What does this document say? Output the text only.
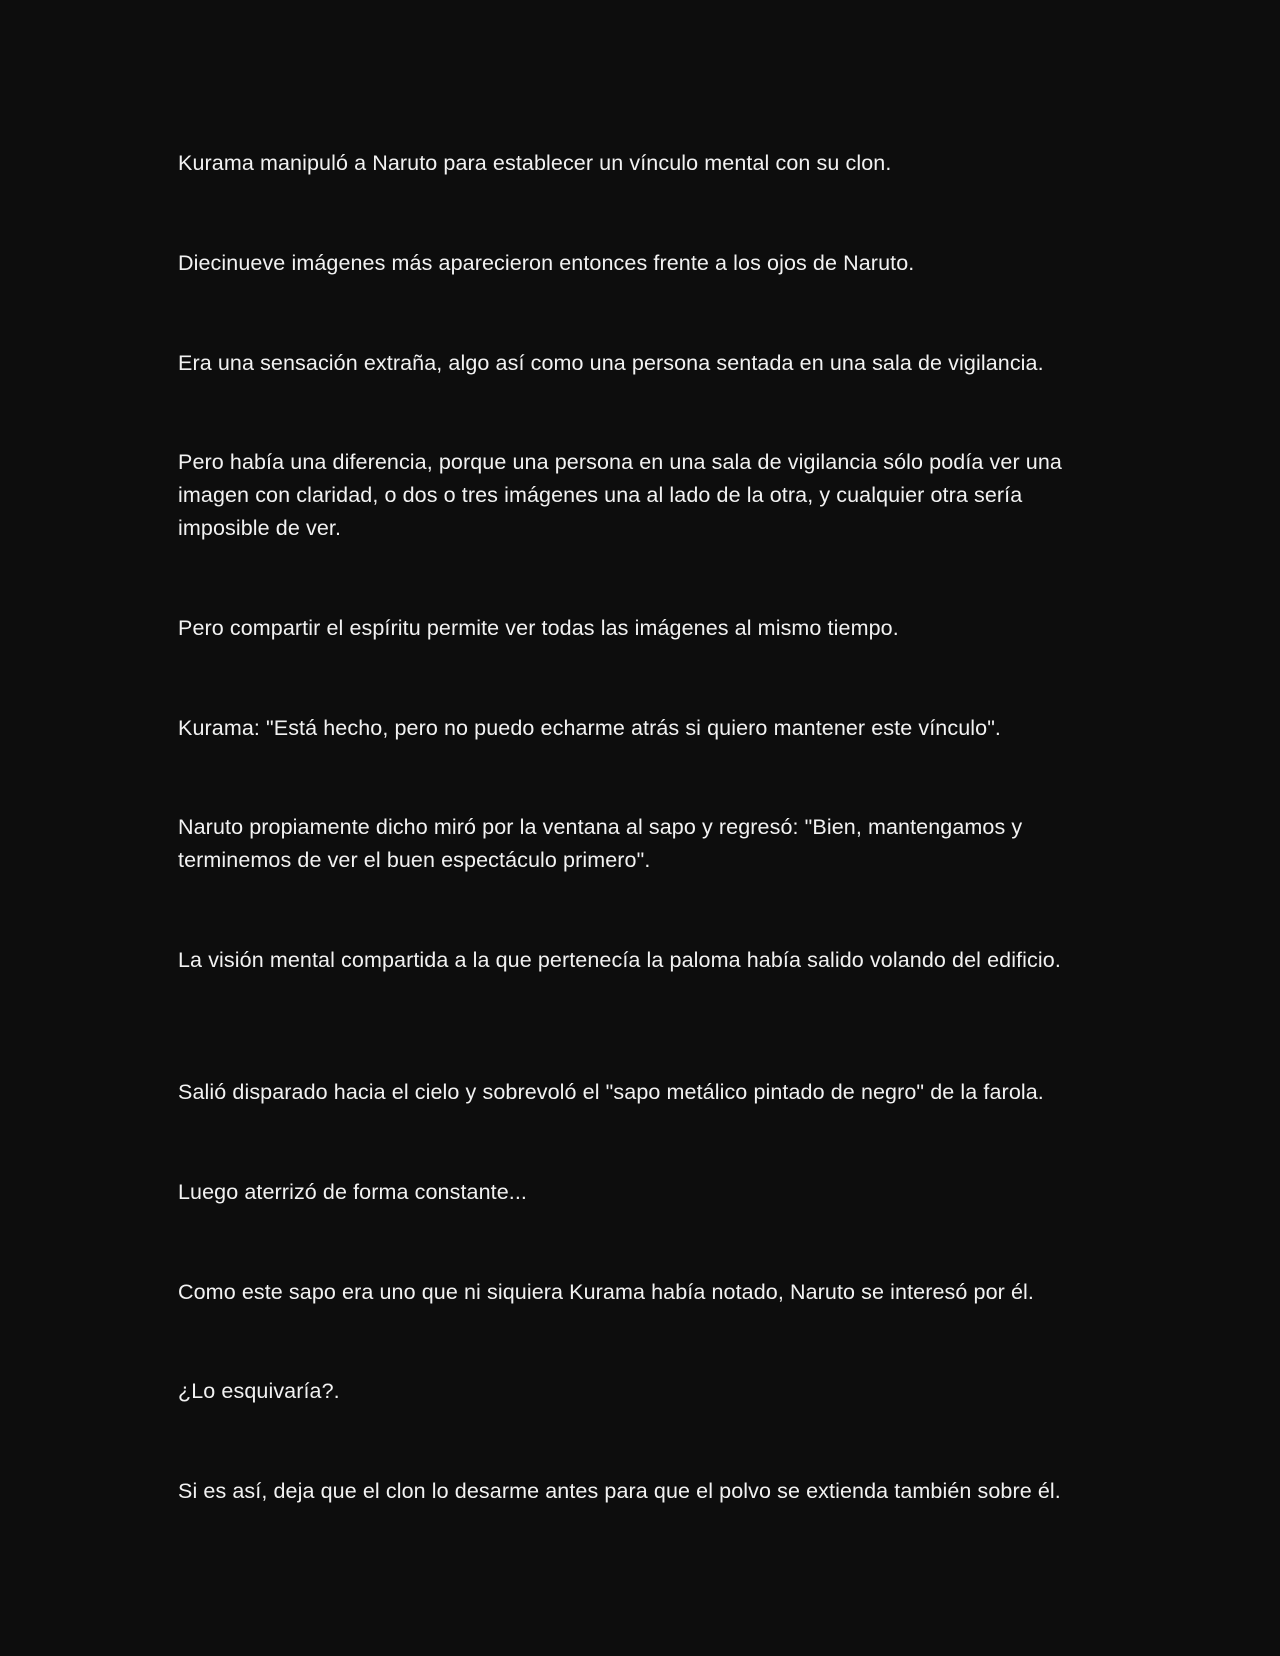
Kurama manipuló a Naruto para establecer un vínculo mental con su clon.

Diecinueve imágenes más aparecieron entonces frente a los ojos de Naruto.

Era una sensación extraña, algo así como una persona sentada en una sala de vigilancia.

Pero había una diferencia, porque una persona en una sala de vigilancia sólo podía ver una imagen con claridad, o dos o tres imágenes una al lado de la otra, y cualquier otra sería imposible de ver.

Pero compartir el espíritu permite ver todas las imágenes al mismo tiempo.

Kurama: "Está hecho, pero no puedo echarme atrás si quiero mantener este vínculo".

Naruto propiamente dicho miró por la ventana al sapo y regresó: "Bien, mantengamos y terminemos de ver el buen espectáculo primero".

La visión mental compartida a la que pertenecía la paloma había salido volando del edificio.

Salió disparado hacia el cielo y sobrevoló el "sapo metálico pintado de negro" de la farola.

Luego aterrizó de forma constante...

Como este sapo era uno que ni siquiera Kurama había notado, Naruto se interesó por él.

¿Lo esquivaría?.

Si es así, deja que el clon lo desarme antes para que el polvo se extienda también sobre él.
